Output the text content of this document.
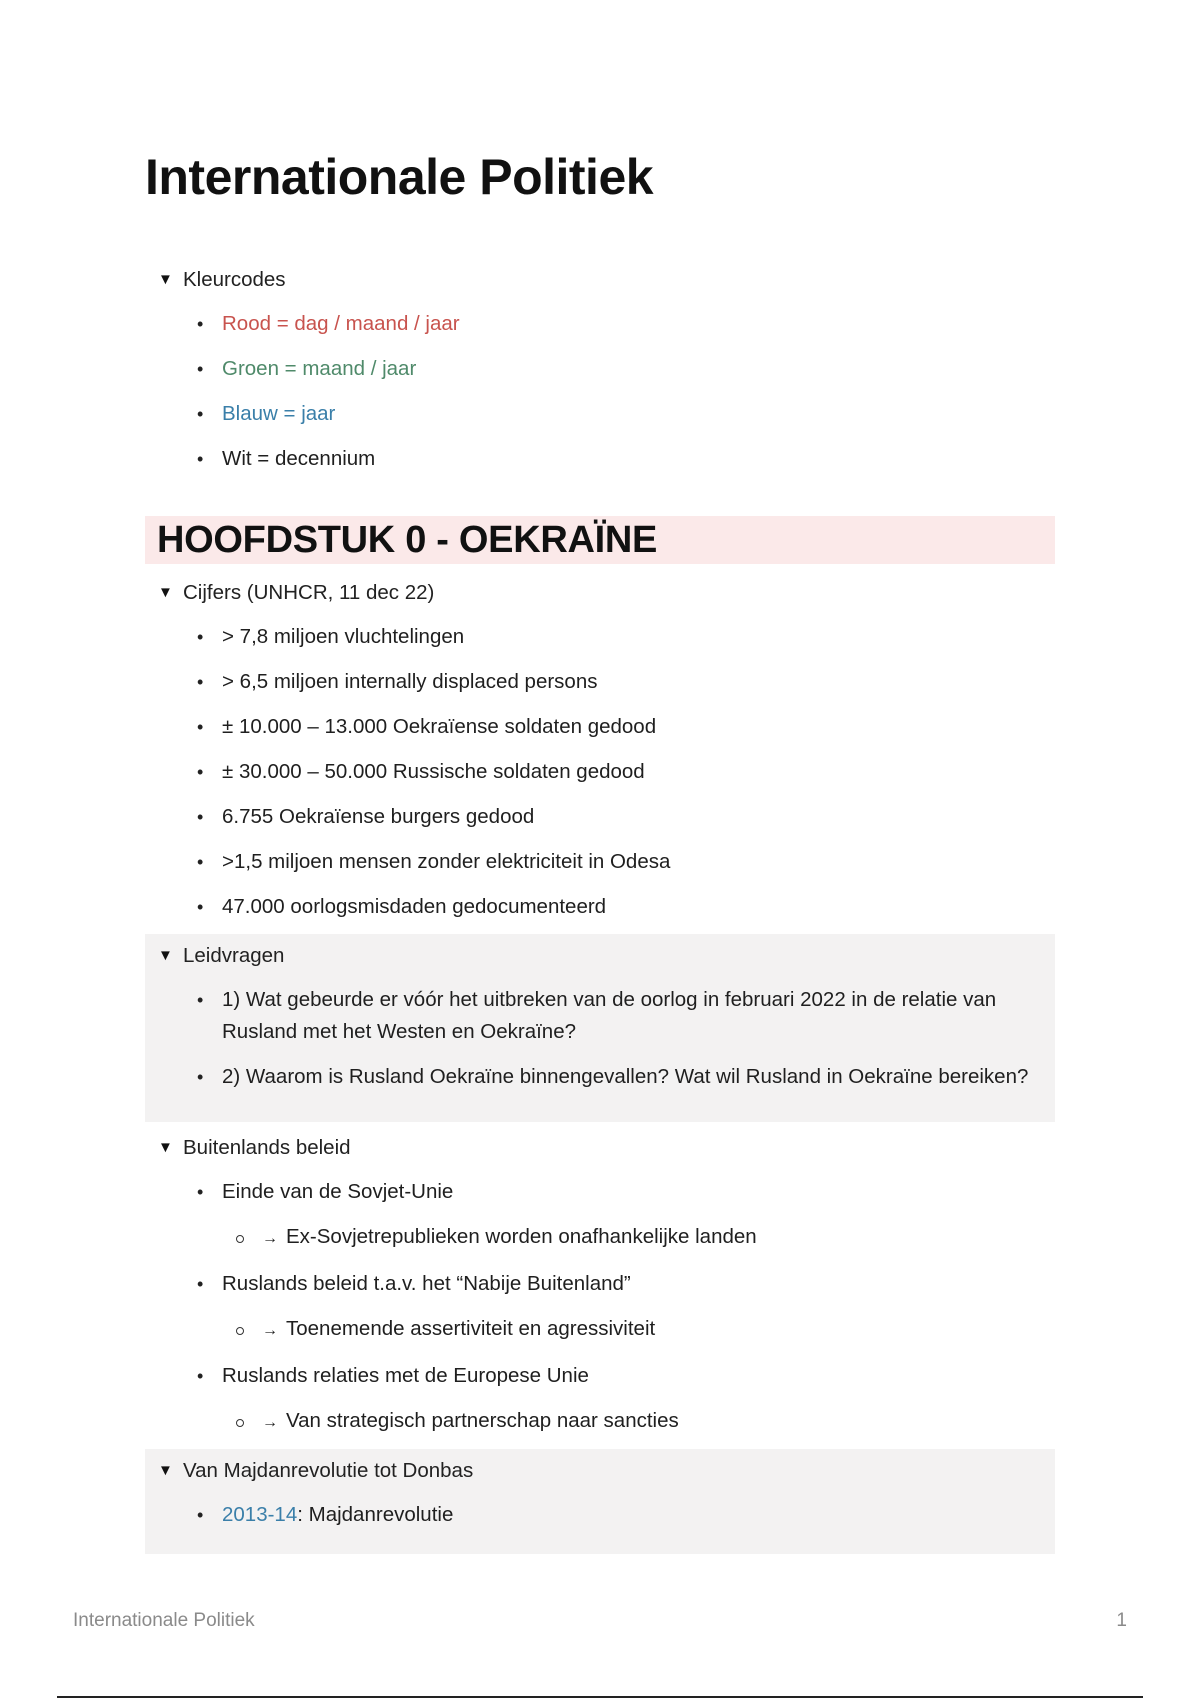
Internationale Politiek
▼ Kleurcodes
• Rood = dag / maand / jaar
• Groen = maand / jaar
• Blauw = jaar
• Wit = decennium
HOOFDSTUK 0 - OEKRAÏNE
▼ Cijfers (UNHCR, 11 dec 22)
• > 7,8 miljoen vluchtelingen
• > 6,5 miljoen internally displaced persons
• ± 10.000 – 13.000 Oekraïense soldaten gedood
• ± 30.000 – 50.000 Russische soldaten gedood
• 6.755 Oekraïense burgers gedood
• >1,5 miljoen mensen zonder elektriciteit in Odesa
• 47.000 oorlogsmisdaden gedocumenteerd
▼ Leidvragen
• 1) Wat gebeurde er vóór het uitbreken van de oorlog in februari 2022 in de relatie van Rusland met het Westen en Oekraïne?
• 2) Waarom is Rusland Oekraïne binnengevallen? Wat wil Rusland in Oekraïne bereiken?
▼ Buitenlands beleid
• Einde van de Sovjet-Unie
→ Ex-Sovjetrepublieken worden onafhankelijke landen
• Ruslands beleid t.a.v. het “Nabije Buitenland”
→ Toenemende assertiviteit en agressiviteit
• Ruslands relaties met de Europese Unie
→ Van strategisch partnerschap naar sancties
▼ Van Majdanrevolutie tot Donbas
• 2013-14: Majdanrevolutie
Internationale Politiek	1
